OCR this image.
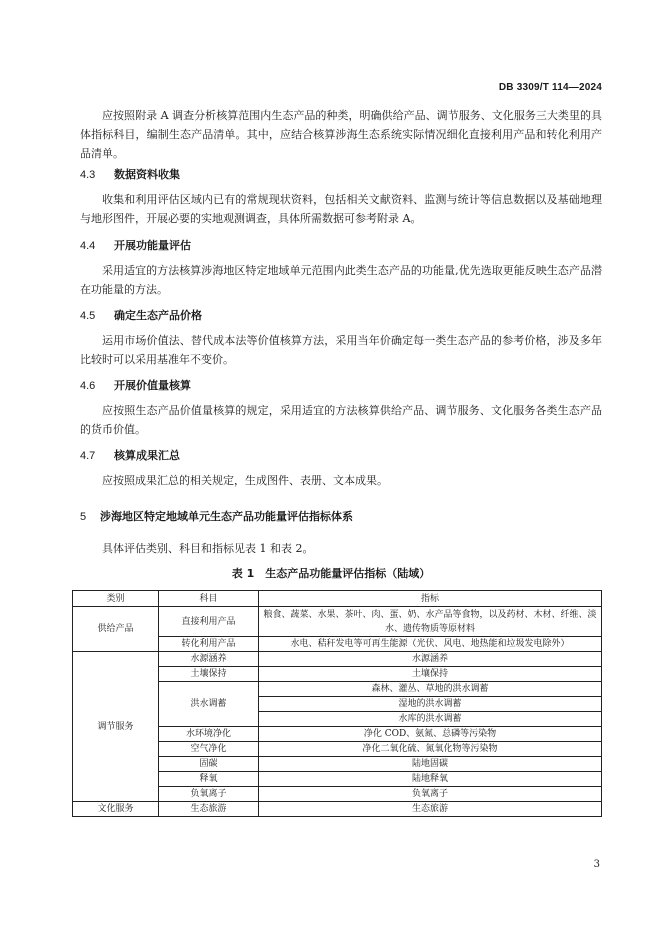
DB 3309/T 114—2024

应按照附录 A 调查分析核算范围内生态产品的种类，明确供给产品、调节服务、文化服务三大类里的具体指标科目，编制生态产品清单。其中，应结合核算涉海生态系统实际情况细化直接利用产品和转化利用产品清单。

4.3 数据资料收集

收集和利用评估区域内已有的常规现状资料，包括相关文献资料、监测与统计等信息数据以及基础地理与地形图件，开展必要的实地观测调查，具体所需数据可参考附录 A。

4.4 开展功能量评估

采用适宜的方法核算涉海地区特定地域单元范围内此类生态产品的功能量,优先选取更能反映生态产品潜在功能量的方法。

4.5 确定生态产品价格

运用市场价值法、替代成本法等价值核算方法，采用当年价确定每一类生态产品的参考价格，涉及多年比较时可以采用基准年不变价。

4.6 开展价值量核算

应按照生态产品价值量核算的规定，采用适宜的方法核算供给产品、调节服务、文化服务各类生态产品的货币价值。

4.7 核算成果汇总

应按照成果汇总的相关规定，生成图件、表册、文本成果。

5 涉海地区特定地域单元生态产品功能量评估指标体系

具体评估类别、科目和指标见表 1 和表 2。

表 1　生态产品功能量评估指标（陆域）
类别	科目	指标
供给产品	直接利用产品	粮食、蔬菜、水果、茶叶、肉、蛋、奶、水产品等食物，以及药材、木材、纤维、淡水、遗传物质等原材料
	转化利用产品	水电、秸秆发电等可再生能源（光伏、风电、地热能和垃圾发电除外）
调节服务	水源涵养	水源涵养
	土壤保持	土壤保持
	洪水调蓄	森林、灌丛、草地的洪水调蓄
		湿地的洪水调蓄
		水库的洪水调蓄
	水环境净化	净化 COD、氨氮、总磷等污染物
	空气净化	净化二氧化硫、氮氧化物等污染物
	固碳	陆地固碳
	释氧	陆地释氧
	负氧离子	负氧离子
文化服务	生态旅游	生态旅游
3
